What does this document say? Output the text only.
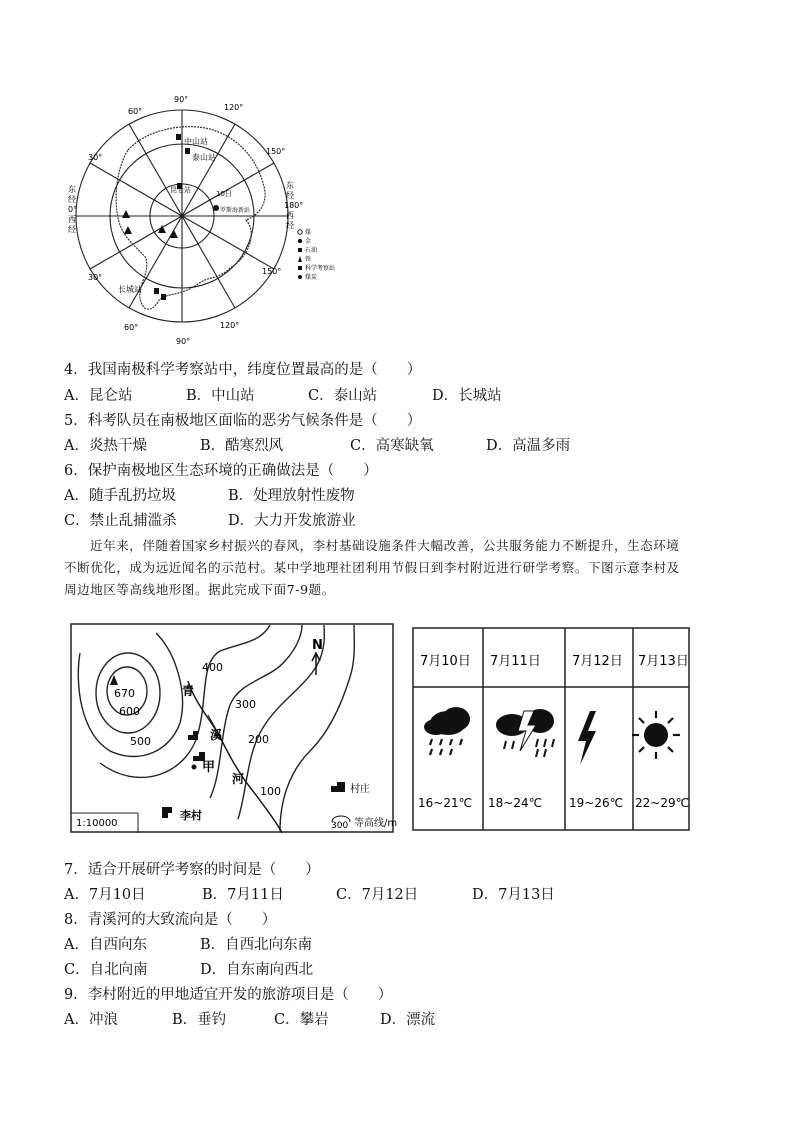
90°
120°
60°
30°
150°
30°
150°
60°
90°
120°
东经 0°西经
东经 180°西经
中山站
泰山站
昆仑站
长城站
10日
罗斯海新站
煤
金
石油
铁
科学考察站
煤炭
4．我国南极科学考察站中，纬度位置最高的是（　　）
A．昆仑站	B．中山站	C．泰山站	D．长城站
5．科考队员在南极地区面临的恶劣气候条件是（　　）
A．炎热干燥	B．酷寒烈风	C．高寒缺氧	D．高温多雨
6．保护南极地区生态环境的正确做法是（　　）
A．随手乱扔垃圾	B．处理放射性废物
C．禁止乱捕滥杀	D．大力开发旅游业

近年来，伴随着国家乡村振兴的春风，李村基础设施条件大幅改善，公共服务能力不断提升，生态环境

不断优化，成为远近闻名的示范村。某中学地理社团利用节假日到李村附近进行研学考察。下图示意李村及
周边地区等高线地形图。据此完成下面7-9题。
N
670
600
500
400
300
200
100
青
溪
河
甲
1:10000
李村
村庄
300 等高线/m
7月10日 7月11日 7月12日 7月13日
16~21℃ 18~24℃ 19~26℃ 22~29℃
7．适合开展研学考察的时间是（　　）
A．7月10日	B．7月11日	C．7月12日	D．7月13日
8．青溪河的大致流向是（　　）
A．自西向东	B．自西北向东南
C．自北向南	D．自东南向西北
9．李村附近的甲地适宜开发的旅游项目是（　　）
A．冲浪	B．垂钓	C．攀岩	D．漂流
